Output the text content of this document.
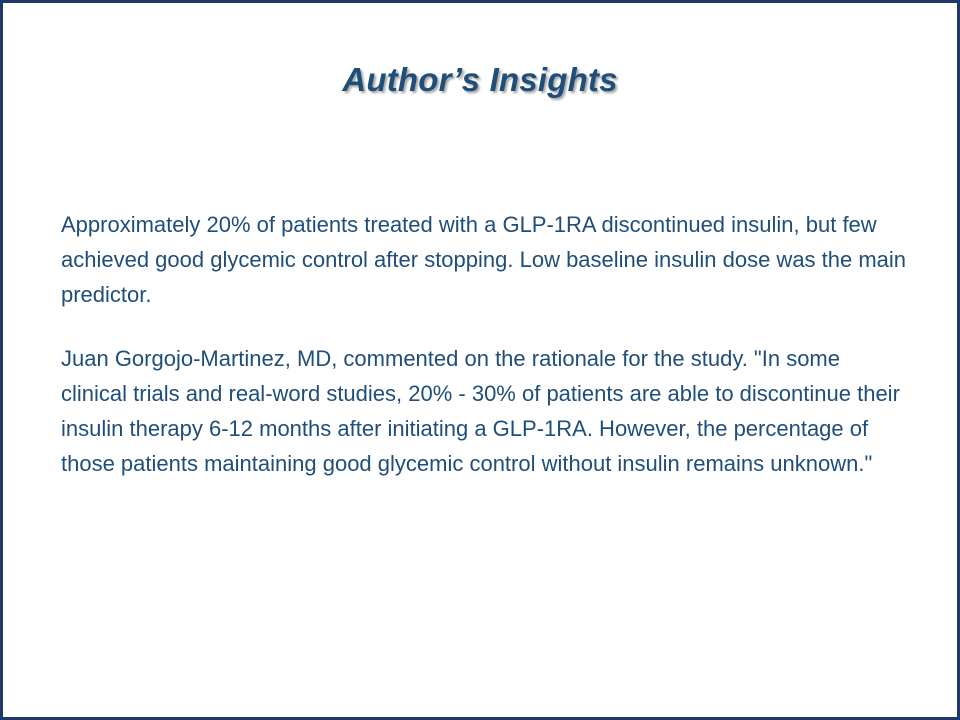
Author’s Insights

Approximately 20% of patients treated with a GLP-1RA discontinued insulin, but few achieved good glycemic control after stopping. Low baseline insulin dose was the main predictor.

Juan Gorgojo-Martinez, MD, commented on the rationale for the study. "In some clinical trials and real-word studies, 20% - 30% of patients are able to discontinue their insulin therapy 6-12 months after initiating a GLP-1RA. However, the percentage of those patients maintaining good glycemic control without insulin remains unknown."
